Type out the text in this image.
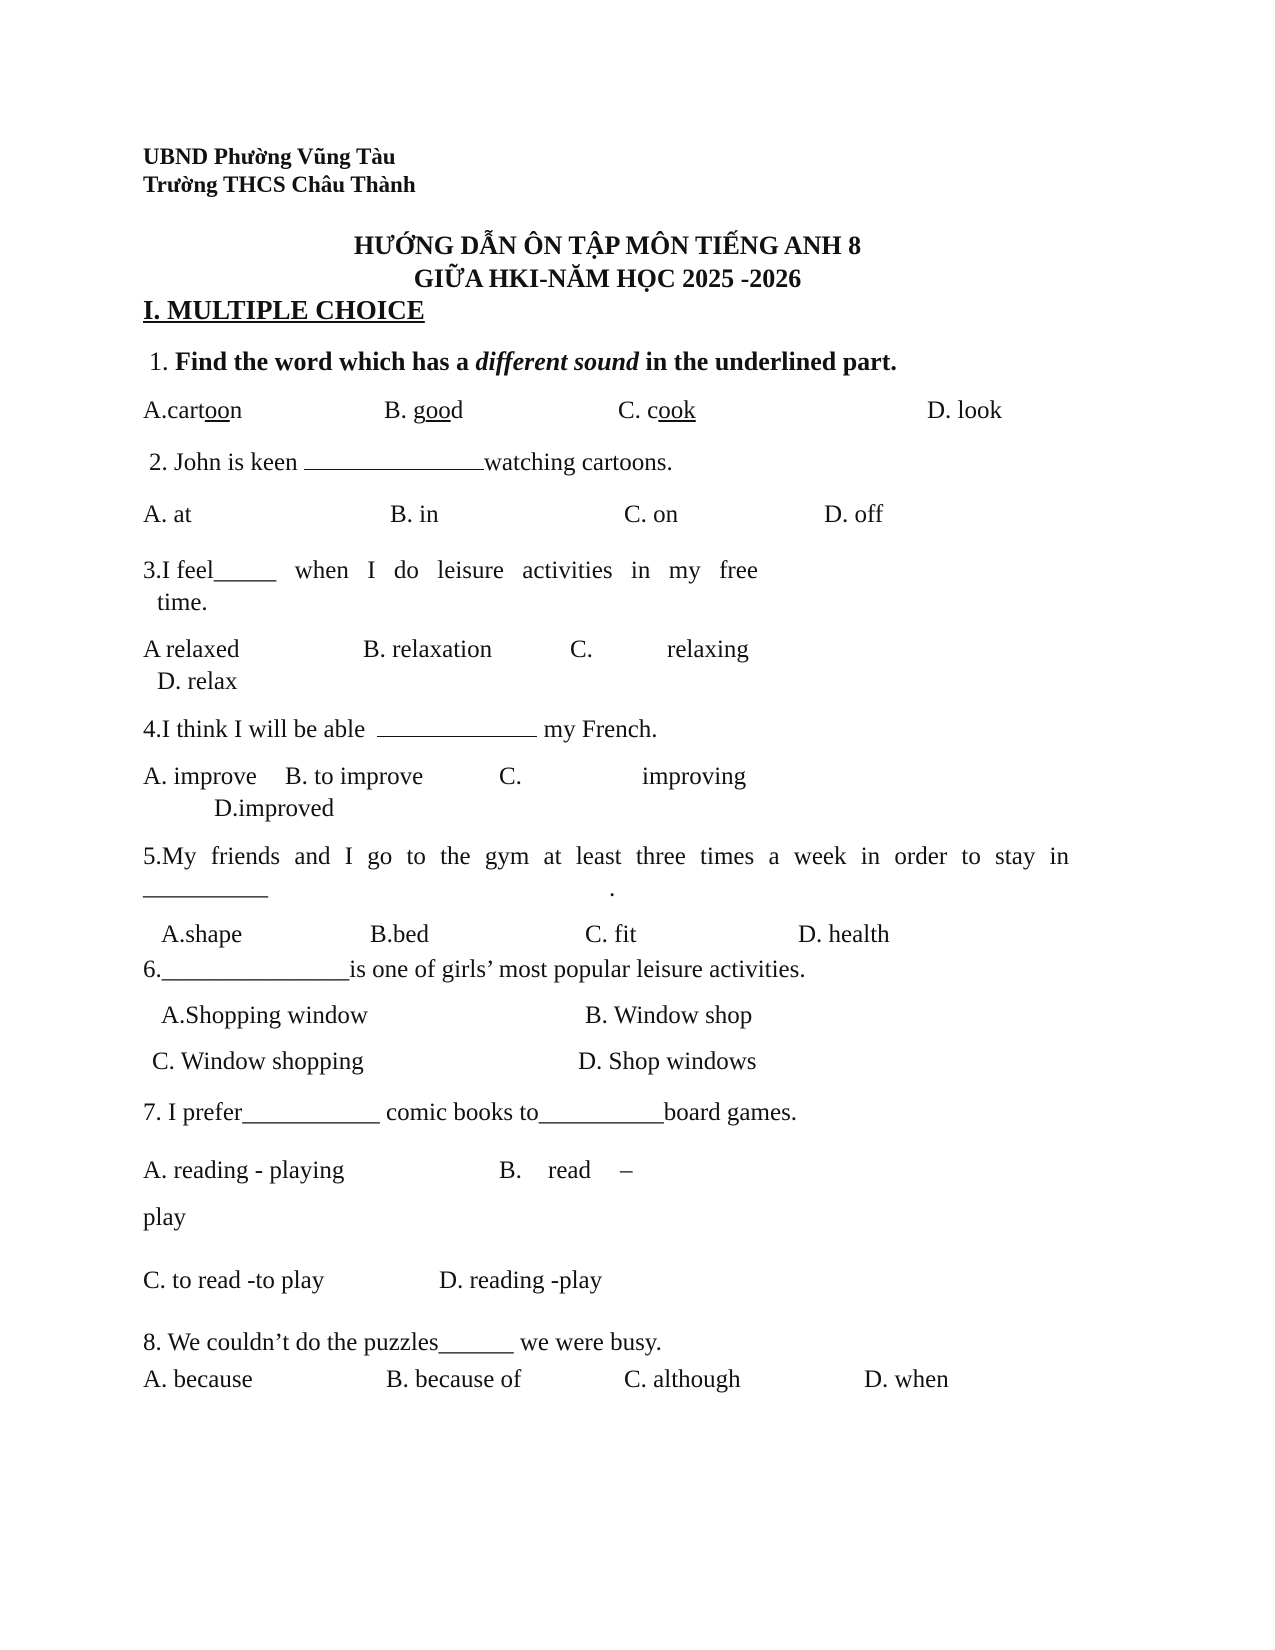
UBND Phường Vũng Tàu
Trường THCS Châu Thành
HƯỚNG DẪN ÔN TẬP MÔN TIẾNG ANH 8
GIỮA HKI-NĂM HỌC 2025 -2026
I. MULTIPLE CHOICE
1. Find the word which has a different sound in the underlined part.
A.cartoon	B. good	C. cook	D. look
2. John is keen	watching cartoons.
A. at	B. in	C. on	D. off
3.I feel_____ when I do leisure activities in my free
time.
A relaxed	B. relaxation	C.	relaxing
D. relax
4.I think I will be able	my French.
A. improve B. to improve	C.	improving
D.improved
5.My friends and I go to the gym at least three times a week in order to stay in
__________	.
A.shape	B.bed	C. fit	D. health
6._______________is one of girls’ most popular leisure activities.
A.Shopping window	B. Window shop
C. Window shopping	D. Shop windows
7. I prefer___________ comic books to__________board games.
A. reading - playing	B. read –
play
C. to read -to play	D. reading -play
8. We couldn’t do the puzzles______ we were busy.
A. because	B. because of	C. although	D. when
